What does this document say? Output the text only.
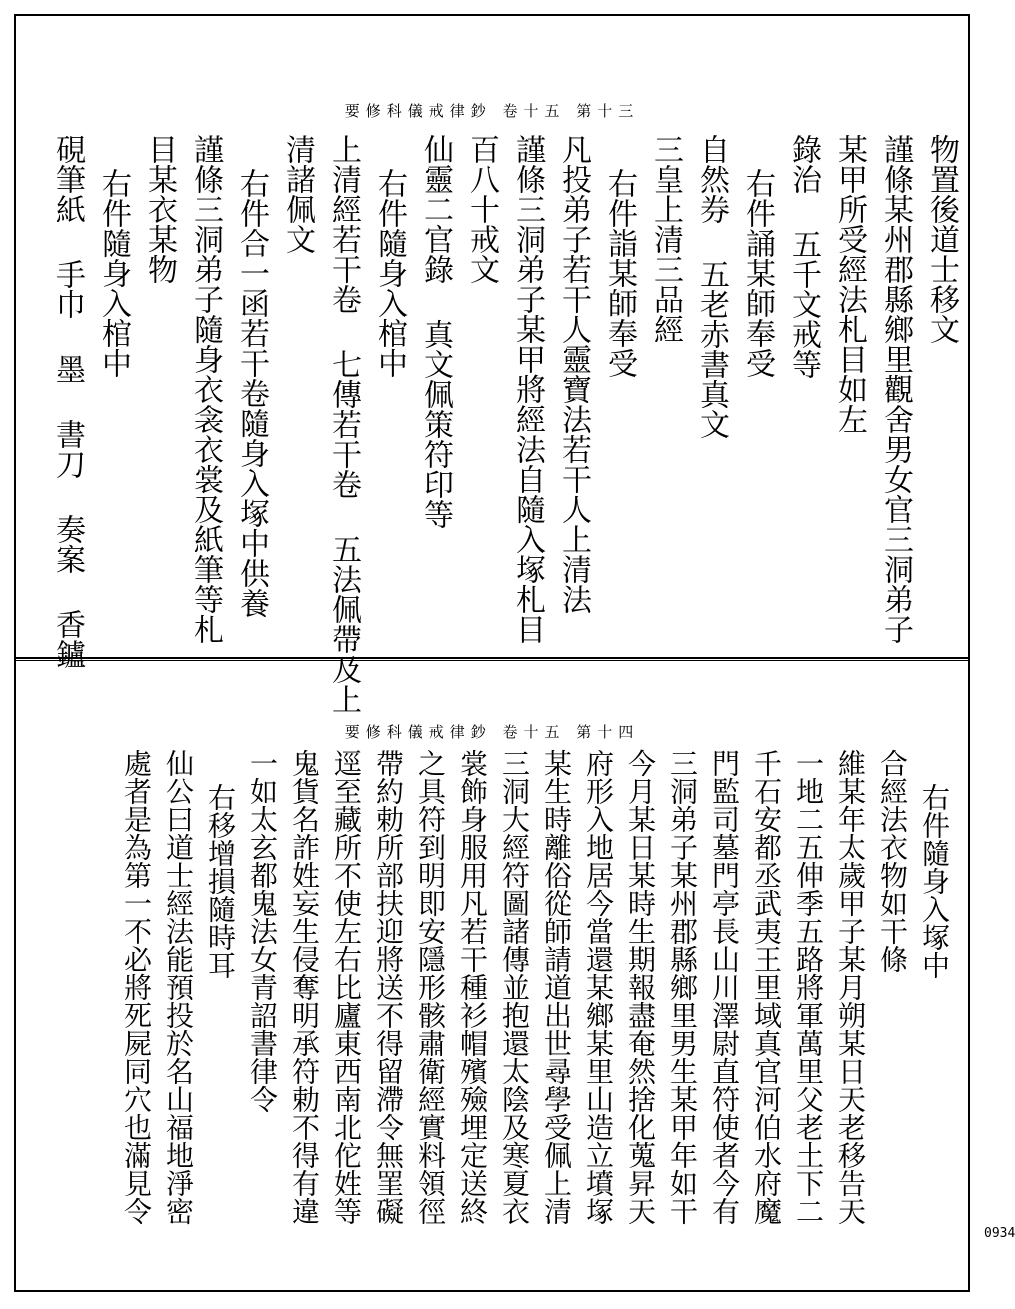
要修科儀戒律鈔 卷十五 第十三
物置後道士移文
謹條某州郡縣鄉里觀舍男女官三洞弟子
某甲所受經法札目如左
錄治 五千文戒等
右件誦某師奉受
自然券 五老赤書真文
三皇上清三品經
右件詣某師奉受
凡投弟子若干人靈寶法若干人上清法
謹條三洞弟子某甲將經法自隨入塚札目
百八十戒文
仙靈二官錄 真文佩策符印等
右件隨身入棺中
上清經若干卷 七傳若干卷 五法佩帶及上
清諸佩文
右件合一函若干卷隨身入塚中供養
謹條三洞弟子隨身衣衾衣裳及紙筆等札
目某衣某物
右件隨身入棺中
硯筆紙 手巾 墨 書刀 奏案 香鑪
要修科儀戒律鈔 卷十五 第十四
右件隨身入塚中
合經法衣物如干條
維某年太歲甲子某月朔某日天老移告天
一地二五伸季五路將軍萬里父老土下二
千石安都丞武夷王里域真官河伯水府魔
門監司墓門亭長山川澤尉直符使者今有
三洞弟子某州郡縣鄉里男生某甲年如干
今月某日某時生期報盡奄然捨化蒐昇天
府形入地居今當還某鄉某里山造立墳塚
某生時離俗從師請道出世尋學受佩上清
三洞大經符圖諸傳並抱還太陰及寒夏衣
裳飾身服用凡若干種衫帽殯殮埋定送終
之具符到明即安隱形骸肅衛經實料領徑
帶約勅所部扶迎將送不得留滯令無罣礙
逕至藏所不使左右比廬東西南北佗姓等
鬼貨名詐姓妄生侵奪明承符勅不得有違
一如太玄都鬼法女青詔書律令
右移增損隨時耳
仙公曰道士經法能預投於名山福地淨密
處者是為第一不必將死屍同穴也滿見令
0934
